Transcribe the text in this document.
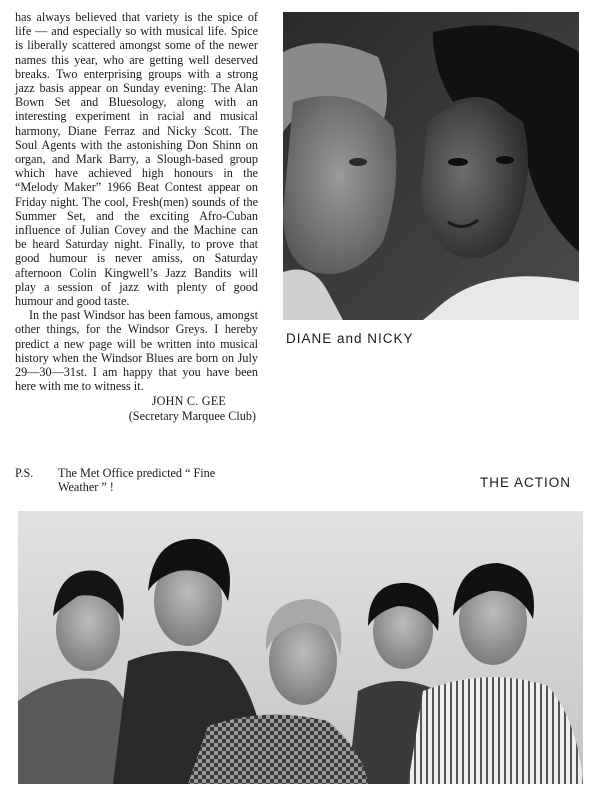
has always believed that variety is the spice of life — and especially so with musical life. Spice is liberally scattered amongst some of the newer names this year, who are getting well deserved breaks. Two enterprising groups with a strong jazz basis appear on Sunday evening: The Alan Bown Set and Bluesology, along with an interesting experiment in racial and musical harmony, Diane Ferraz and Nicky Scott. The Soul Agents with the astonishing Don Shinn on organ, and Mark Barry, a Slough-based group which have achieved high honours in the “Melody Maker” 1966 Beat Contest appear on Friday night. The cool, Fresh(men) sounds of the Summer Set, and the exciting Afro-Cuban influence of Julian Covey and the Machine can be heard Saturday night. Finally, to prove that good humour is never amiss, on Saturday afternoon Colin Kingwell’s Jazz Bandits will play a session of jazz with plenty of good humour and good taste.

In the past Windsor has been famous, amongst other things, for the Windsor Greys. I hereby predict a new page will be written into musical history when the Windsor Blues are born on July 29—30—31st. I am happy that you have been here with me to witness it.

JOHN C. GEE
(Secretary Marquee Club)
P.S. The Met Office predicted “ Fine Weather ” !
DIANE and NICKY
THE ACTION
